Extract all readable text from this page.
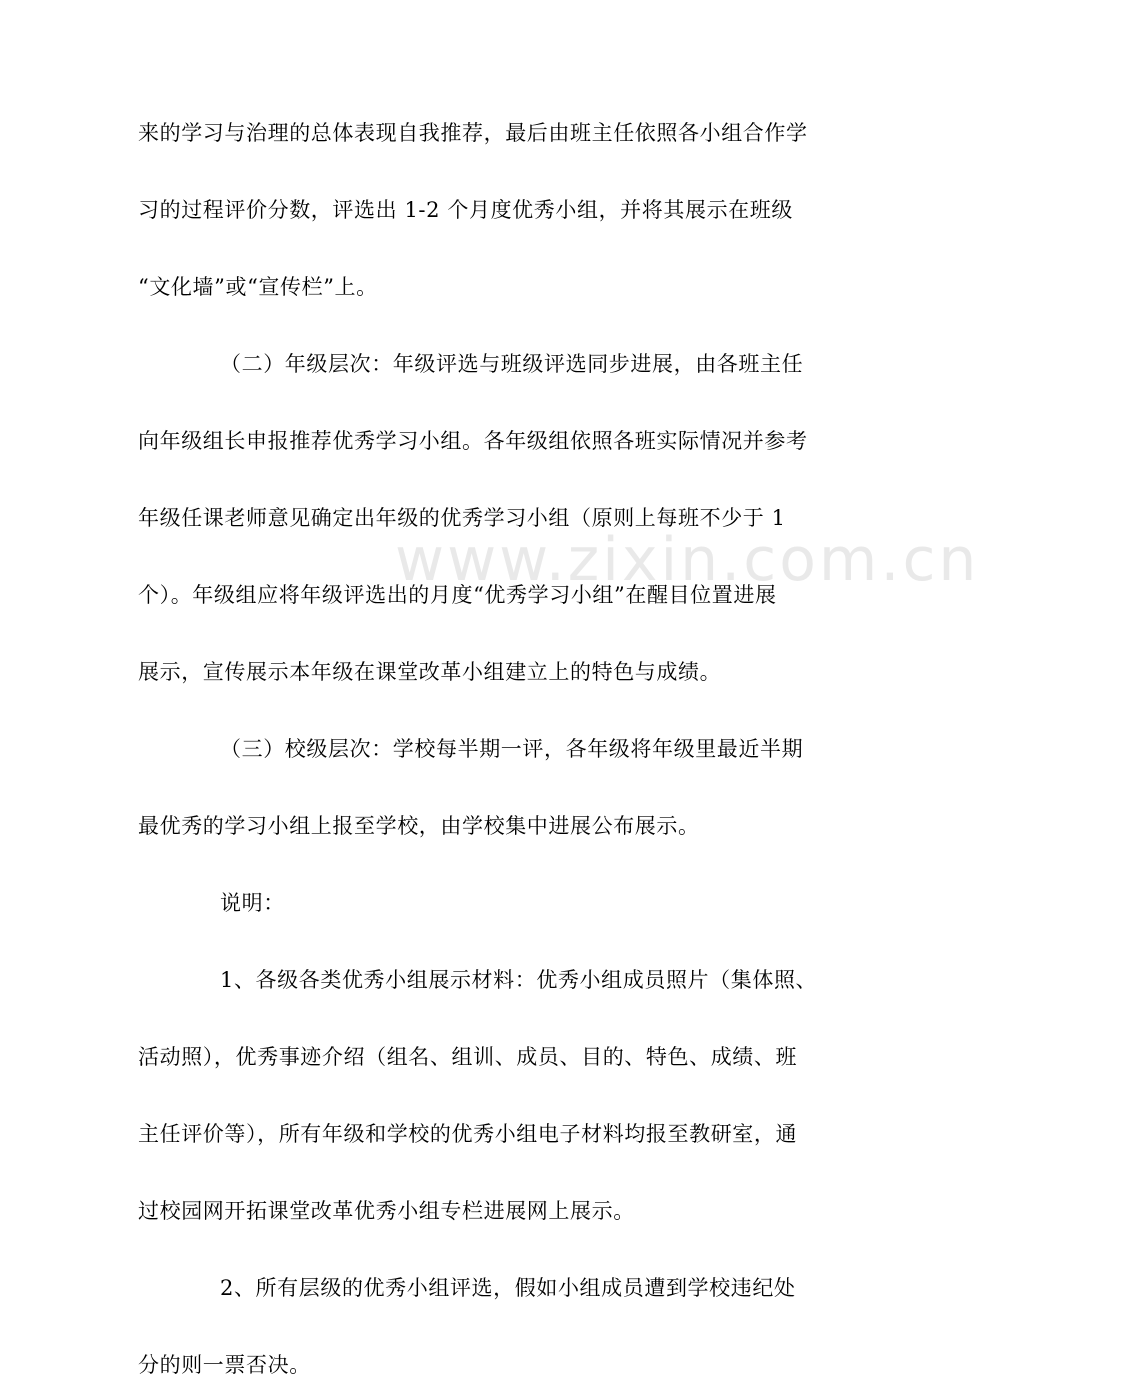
www.zixin.com.cn
来的学习与治理的总体表现自我推荐，最后由班主任依照各小组合作学
习的过程评价分数，评选出 1-2 个月度优秀小组，并将其展示在班级
“文化墙”或“宣传栏”上。
（二）年级层次：年级评选与班级评选同步进展，由各班主任
向年级组长申报推荐优秀学习小组。各年级组依照各班实际情况并参考
年级任课老师意见确定出年级的优秀学习小组（原则上每班不少于 1
个）。年级组应将年级评选出的月度“优秀学习小组”在醒目位置进展
展示，宣传展示本年级在课堂改革小组建立上的特色与成绩。
（三）校级层次：学校每半期一评，各年级将年级里最近半期
最优秀的学习小组上报至学校，由学校集中进展公布展示。
说明：
1、各级各类优秀小组展示材料：优秀小组成员照片（集体照、
活动照），优秀事迹介绍（组名、组训、成员、目的、特色、成绩、班
主任评价等），所有年级和学校的优秀小组电子材料均报至教研室，通
过校园网开拓课堂改革优秀小组专栏进展网上展示。
2、所有层级的优秀小组评选，假如小组成员遭到学校违纪处
分的则一票否决。
